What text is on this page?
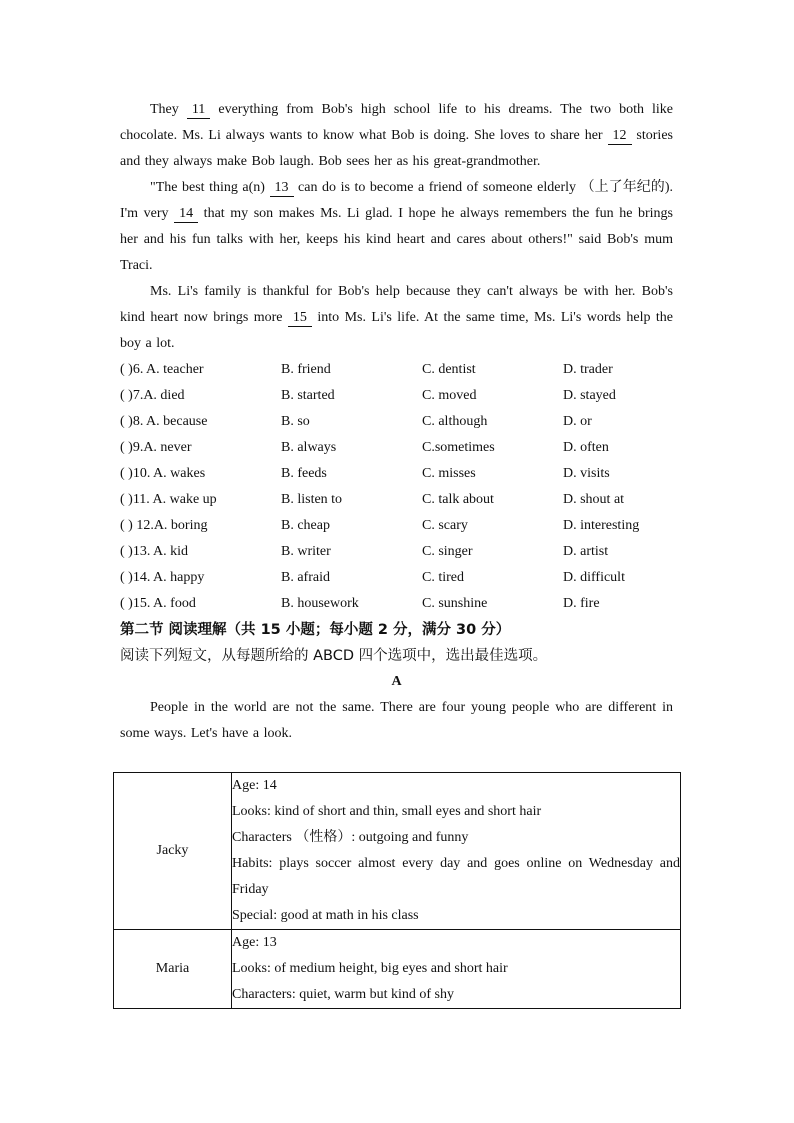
They 11 everything from Bob's high school life to his dreams. The two both like chocolate. Ms. Li always wants to know what Bob is doing. She loves to share her 12 stories and they always make Bob laugh. Bob sees her as his great-grandmother.

"The best thing a(n) 13 can do is to become a friend of someone elderly （上了年纪的). I'm very 14 that my son makes Ms. Li glad. I hope he always remembers the fun he brings her and his fun talks with her, keeps his kind heart and cares about others!" said Bob's mum Traci.

Ms. Li's family is thankful for Bob's help because they can't always be with her. Bob's kind heart now brings more 15 into Ms. Li's life. At the same time, Ms. Li's words help the boy a lot.

( )6. A. teacher	B. friend	C. dentist	D. trader
( )7.A. died	B. started	C. moved	D. stayed
( )8. A. because	B. so	C. although	D. or
( )9.A. never	B. always	C.sometimes	D. often
( )10. A. wakes	B. feeds	C. misses	D. visits
( )11. A. wake up	B. listen to	C. talk about	D. shout at
( ) 12.A. boring	B. cheap	C. scary	D. interesting
( )13. A. kid	B. writer	C. singer	D. artist
( )14. A. happy	B. afraid	C. tired	D. difficult
( )15. A. food	B. housework	C. sunshine	D. fire

第二节 阅读理解（共 15 小题；每小题 2 分，满分 30 分）

阅读下列短文，从每题所给的 ABCD 四个选项中，选出最佳选项。

A

People in the world are not the same. There are four young people who are different in some ways. Let's have a look.

Jacky	Age: 14
Looks: kind of short and thin, small eyes and short hair
Characters （性格）: outgoing and funny
Habits: plays soccer almost every day and goes online on Wednesday and Friday
Special: good at math in his class

Maria	Age: 13
Looks: of medium height, big eyes and short hair
Characters: quiet, warm but kind of shy
